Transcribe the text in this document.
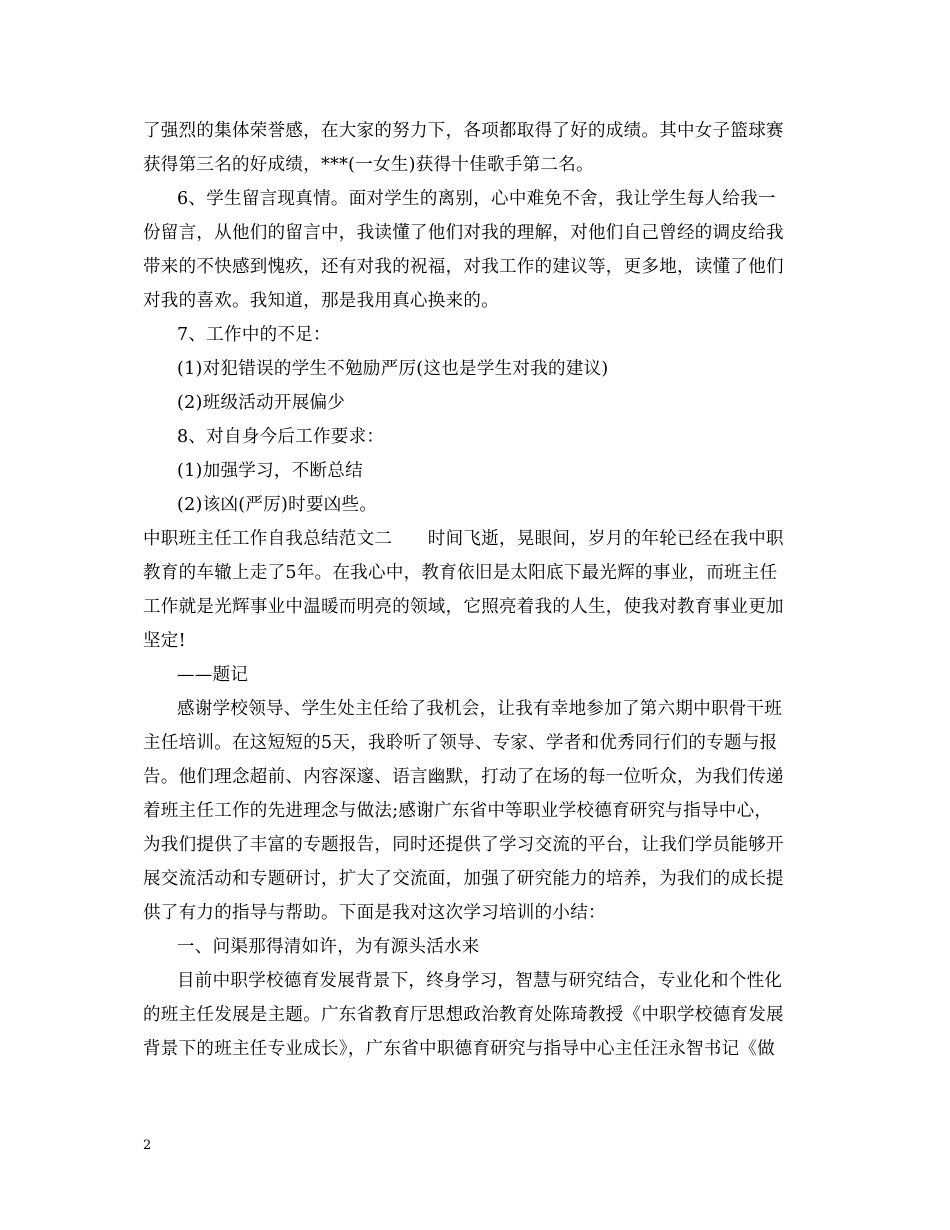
了强烈的集体荣誉感，在大家的努力下，各项都取得了好的成绩。其中女子篮球赛
获得第三名的好成绩，***(一女生)获得十佳歌手第二名。
6、学生留言现真情。面对学生的离别，心中难免不舍，我让学生每人给我一
份留言，从他们的留言中，我读懂了他们对我的理解，对他们自己曾经的调皮给我
带来的不快感到愧疚，还有对我的祝福，对我工作的建议等，更多地，读懂了他们
对我的喜欢。我知道，那是我用真心换来的。
7、工作中的不足：
(1)对犯错误的学生不勉励严厉(这也是学生对我的建议)
(2)班级活动开展偏少
8、对自身今后工作要求：
(1)加强学习，不断总结
(2)该凶(严厉)时要凶些。
中职班主任工作自我总结范文二　　时间飞逝，晃眼间，岁月的年轮已经在我中职
教育的车辙上走了5年。在我心中，教育依旧是太阳底下最光辉的事业，而班主任
工作就是光辉事业中温暖而明亮的领域，它照亮着我的人生，使我对教育事业更加
坚定!
——题记
感谢学校领导、学生处主任给了我机会，让我有幸地参加了第六期中职骨干班
主任培训。在这短短的5天，我聆听了领导、专家、学者和优秀同行们的专题与报
告。他们理念超前、内容深邃、语言幽默，打动了在场的每一位听众，为我们传递
着班主任工作的先进理念与做法;感谢广东省中等职业学校德育研究与指导中心，
为我们提供了丰富的专题报告，同时还提供了学习交流的平台，让我们学员能够开
展交流活动和专题研讨，扩大了交流面，加强了研究能力的培养，为我们的成长提
供了有力的指导与帮助。下面是我对这次学习培训的小结：
一、问渠那得清如许，为有源头活水来
目前中职学校德育发展背景下，终身学习，智慧与研究结合，专业化和个性化
的班主任发展是主题。广东省教育厅思想政治教育处陈琦教授《中职学校德育发展
背景下的班主任专业成长》，广东省中职德育研究与指导中心主任汪永智书记《做
2
